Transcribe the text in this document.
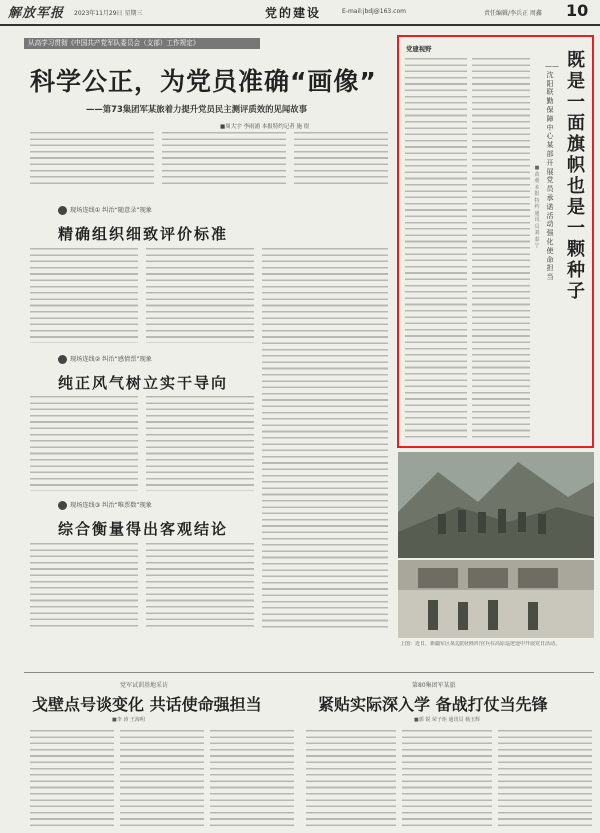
解放军报 2023年11月29日 星期三	党的建设	E-mail:jbdj@163.com	责任编辑/李兵正 周鑫 10
从高学习贯彻《中国共产党军队委员会（支部）工作规定》
科学公正，为党员准确“画像”
——第73集团军某旅着力提升党员民主测评质效的见闻故事
■周大宇 李雨浦 本报特约记者 施 煜
现场连线① 纠治“随意录”现象
精确组织细致评价标准
现场连线② 纠治“感情票”现象
纯正风气树立实干导向
现场连线③ 纠治“唯票数”现象
综合衡量得出客观结论
党建视野
既是一面旗帜 也是一颗种子
——沈阳联勤保障中心某部开展党员承诺活动强化使命担当
■苗 童 本报特约通讯员 刘泰宁
上图：近日，新疆军区某边防团组织官兵在高原巡逻途中开展党日活动。
党军试训基地采访
戈壁点号谈变化 共话使命强担当
■李 涛 王海明
第80集团军某旅
紧贴实际深入学 备战打仗当先锋
■郭 锐 荣子炬 通讯员 杨玉辉
